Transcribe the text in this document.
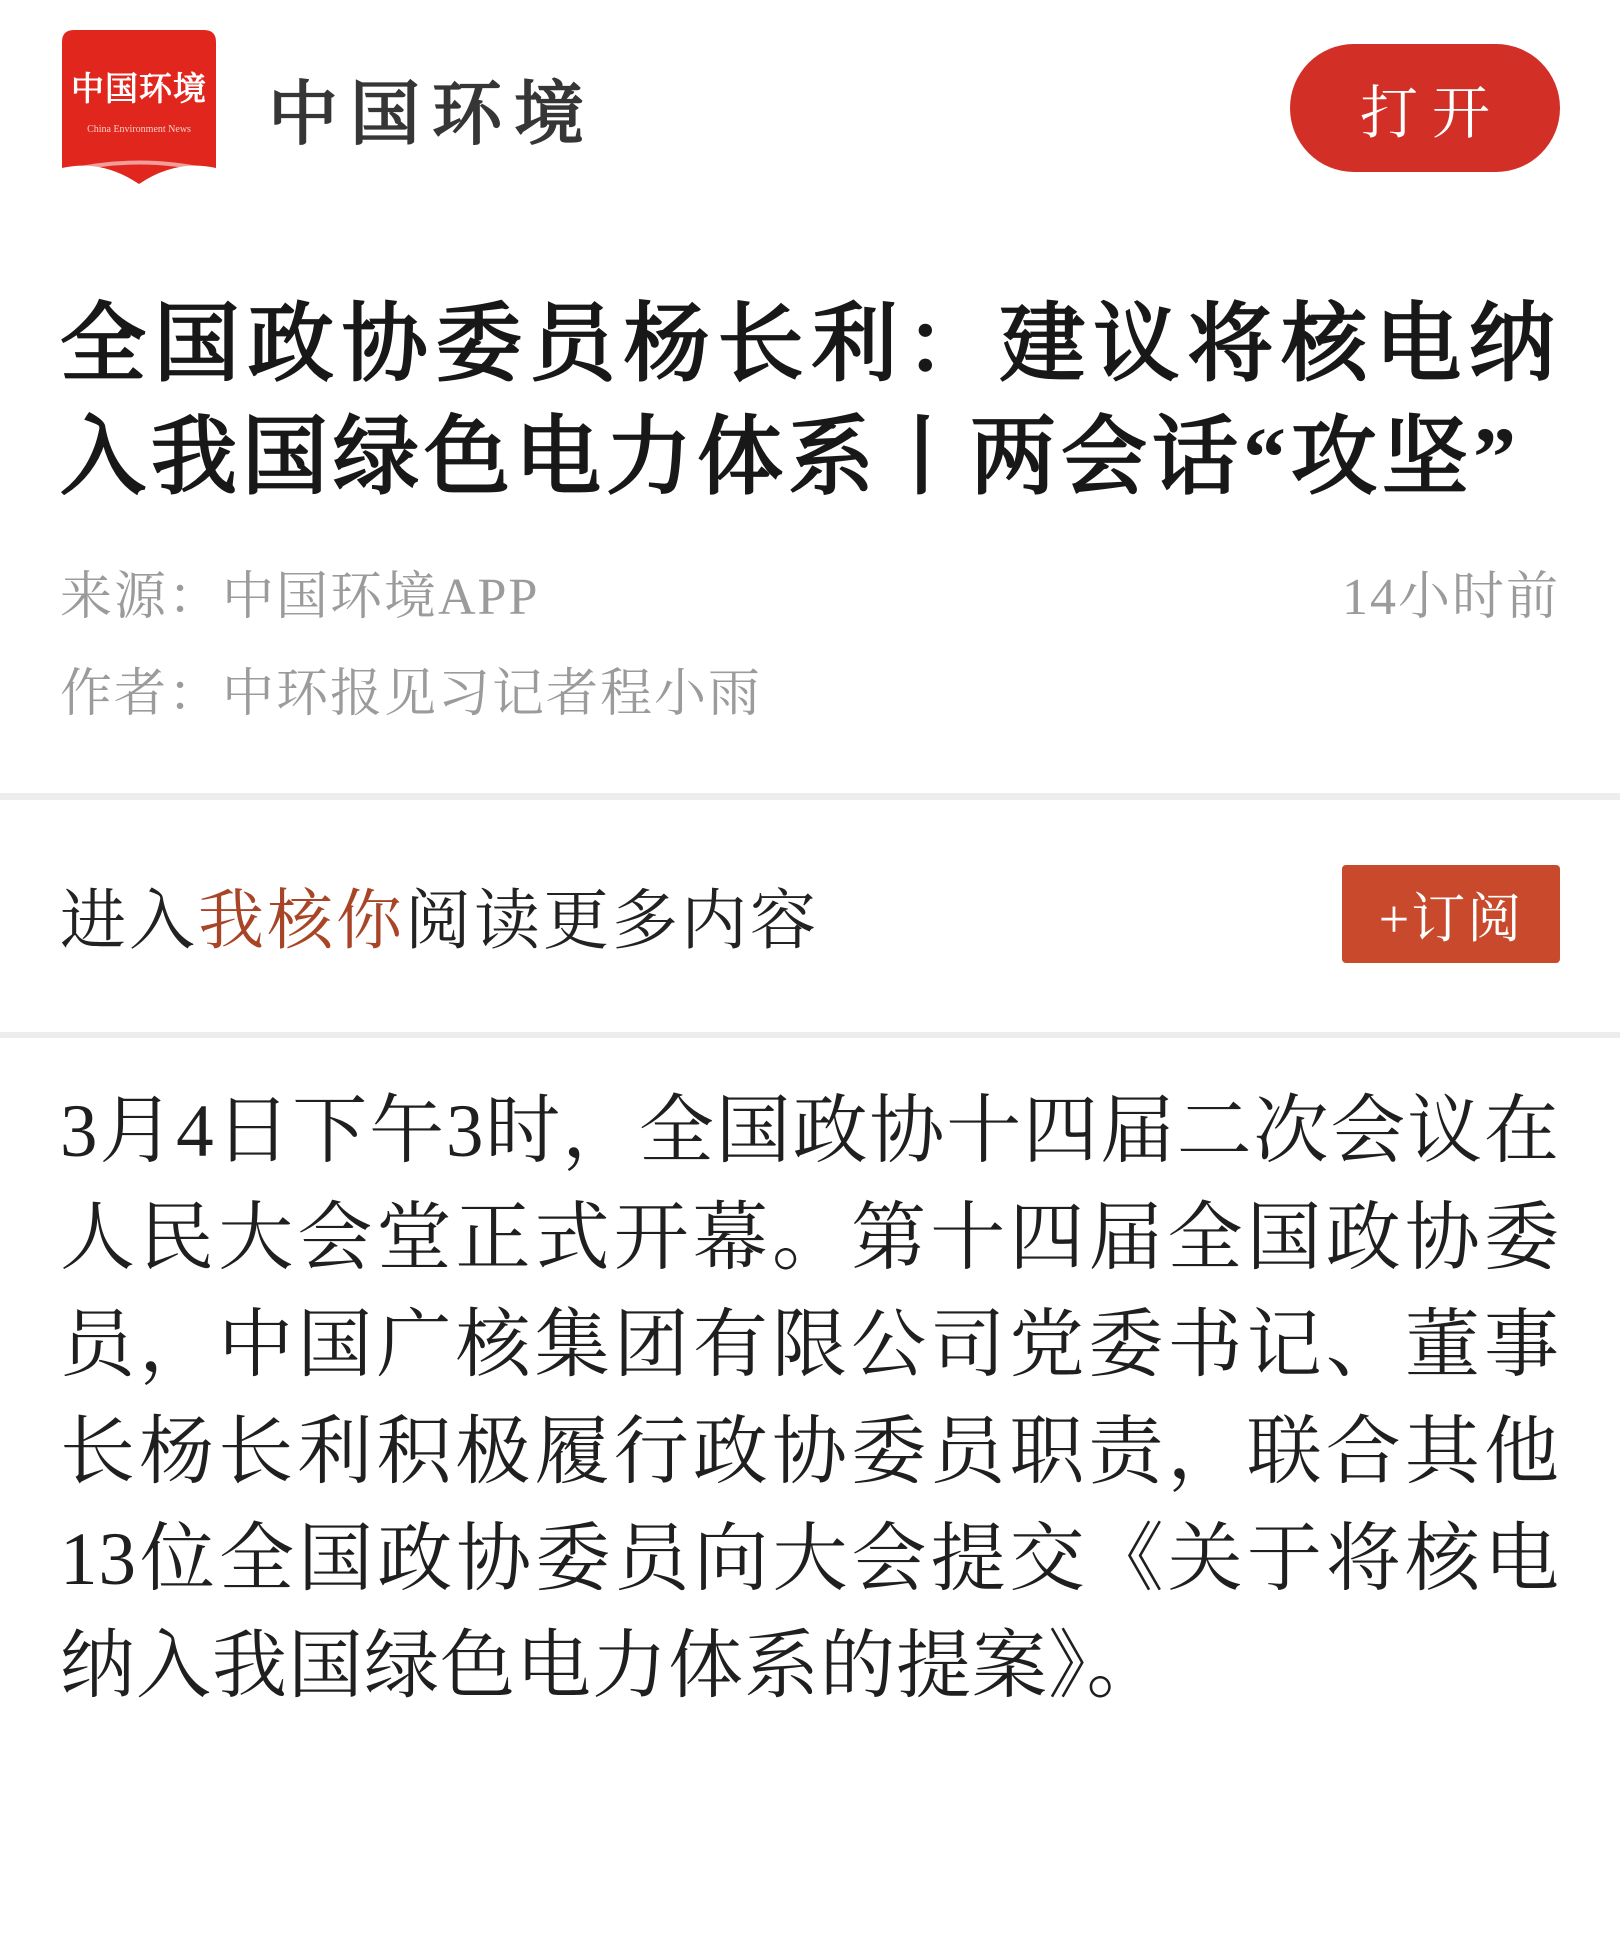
中国环境
China Environment News 中国环境	打开
全国政协委员杨长利：建议将核电纳入我国绿色电力体系丨两会话“攻坚”
来源：中国环境APP	14小时前
作者：中环报见习记者程小雨
进入我核你阅读更多内容	+订阅

3月4日下午3时，全国政协十四届二次会议在人民大会堂正式开幕。第十四届全国政协委员，中国广核集团有限公司党委书记、董事长杨长利积极履行政协委员职责，联合其他13位全国政协委员向大会提交《关于将核电纳入我国绿色电力体系的提案》。
